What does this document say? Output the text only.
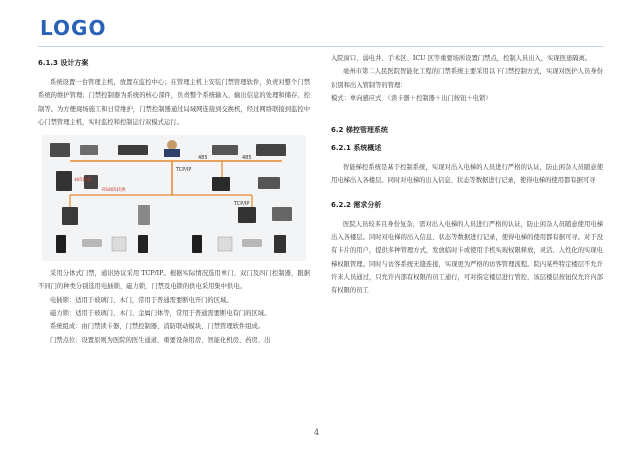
LOGO
6.1.3 设计方案

系统设置一台管理主机，放置在监控中心；在管理主机上安装门禁管理软件，负责对整个门禁系统的维护管理；门禁控制器为系统的核心部件，负责整个系统输入、输出信息的处理和储存、控制等。为方便现场施工和日常维护，门禁控制器通过局域网连接到交换机，经过网络联接到监控中心门禁管理主机，实时监控和控制运行双模式运行。

485	485
TCP/IP
485转换
RS485转换
TCP/IP

采用分体式门禁，通讯协议采用 TCP/IP。根据实际情况选用单门、双门及四门控制器，跟据不同门的种类分别选用电插锁、磁力锁，门禁及电锁的供电采用集中供电。

电插锁：适用于玻璃门、木门，常用于普通需要断电开门的区域。

磁力锁：适用于玻璃门、木门、金属门体等，常用于普通需要断电有门的区域。

系统组成：由门禁读卡器、门禁控制器、消防联动模块、门禁管理软件组成。

门禁点位：设置原则为医院的医生通道、重要设备用房、智能化机房、药房、出

入院窗口、弱电井、手术区、ICU 区等重要场所设置门禁点，控制人员出入，实现医患隔离。

亳州市第二人民医院智能化工程的门禁系统主要采用以下门禁控制方式，实现对医护人员身份识别和出入管制等的管理：

模式：单向感应式　（读卡器＋控制器＋出门按钮＋电锁）

6.2 梯控管理系统
6.2.1 系统概述

智能梯控系统是基于控制系统，实现对出入电梯的人员进行严格的认证，防止闲杂人员随意使用电梯出入各楼层。同时对电梯的出入信息、状态等数据进行记录，使得电梯的使用都有据可寻

6.2.2 需求分析

医院人员较多且身份复杂，需对出入电梯的人员进行严格的认证，防止闲杂人员随意使用电梯出入各楼层。同时对电梯的出入信息、状态等数据进行记录，使得电梯的使用都有据可寻。对于没有卡片的用户，提供多种管理方式，发放临时卡或使用手机实现权限释放，灵活、人性化的实现电梯权限管理。同时与访客系统无缝连接，实现更为严格的访客管理流程。院内某些特定楼层不允许许来人员通过，只允许内部有权限的员工通行，可对指定楼层进行管控，该层楼层按钮仅允许内部有权限的员工

4
